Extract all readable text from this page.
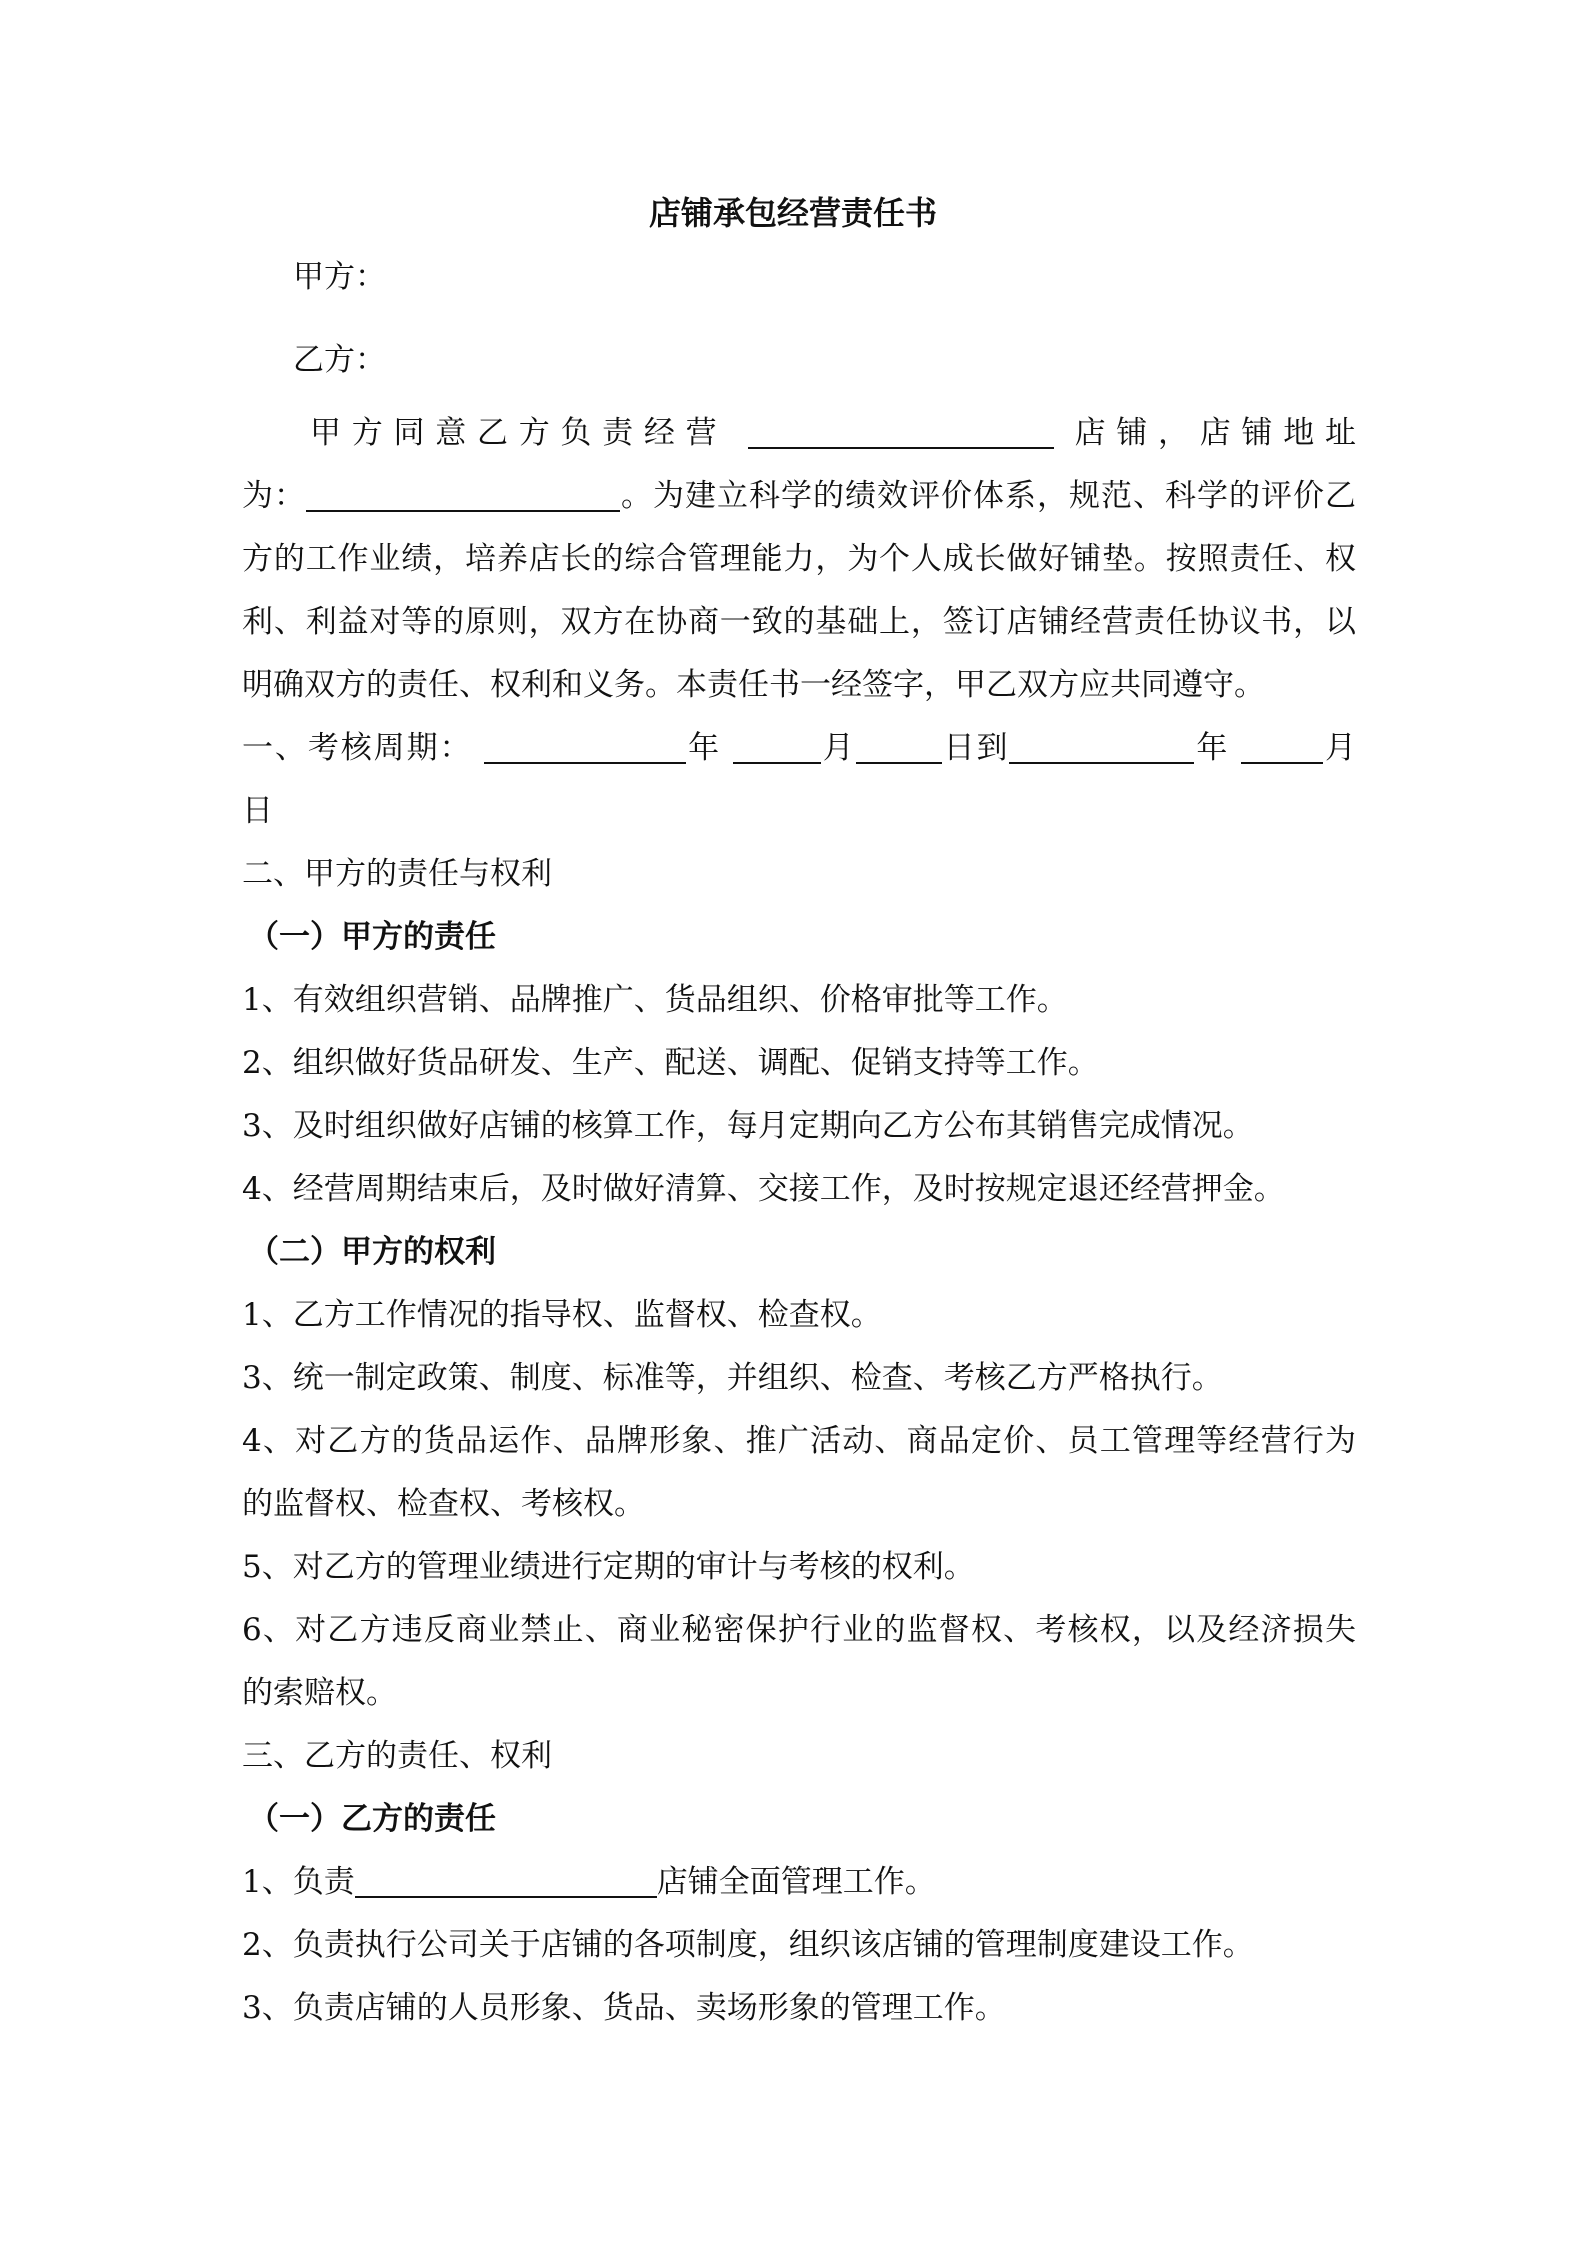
店铺承包经营责任书
甲方：
乙方：
甲方同意乙方负责经营	店铺，店铺地址
为：	。为建立科学的绩效评价体系，规范、科学的评价乙
方的工作业绩，培养店长的综合管理能力，为个人成长做好铺垫。按照责任、权
利、利益对等的原则，双方在协商一致的基础上，签订店铺经营责任协议书，以
明确双方的责任、权利和义务。本责任书一经签字，甲乙双方应共同遵守。
一、考核周期：	年	月	日到	年	月
日
二、甲方的责任与权利
（一）甲方的责任
1、有效组织营销、品牌推广、货品组织、价格审批等工作。
2、组织做好货品研发、生产、配送、调配、促销支持等工作。
3、及时组织做好店铺的核算工作，每月定期向乙方公布其销售完成情况。
4、经营周期结束后，及时做好清算、交接工作，及时按规定退还经营押金。
（二）甲方的权利
1、乙方工作情况的指导权、监督权、检查权。
3、统一制定政策、制度、标准等，并组织、检查、考核乙方严格执行。
4、对乙方的货品运作、品牌形象、推广活动、商品定价、员工管理等经营行为
的监督权、检查权、考核权。
5、对乙方的管理业绩进行定期的审计与考核的权利。
6、对乙方违反商业禁止、商业秘密保护行业的监督权、考核权，以及经济损失
的索赔权。
三、乙方的责任、权利
（一）乙方的责任
1、负责	店铺全面管理工作。
2、负责执行公司关于店铺的各项制度，组织该店铺的管理制度建设工作。
3、负责店铺的人员形象、货品、卖场形象的管理工作。
